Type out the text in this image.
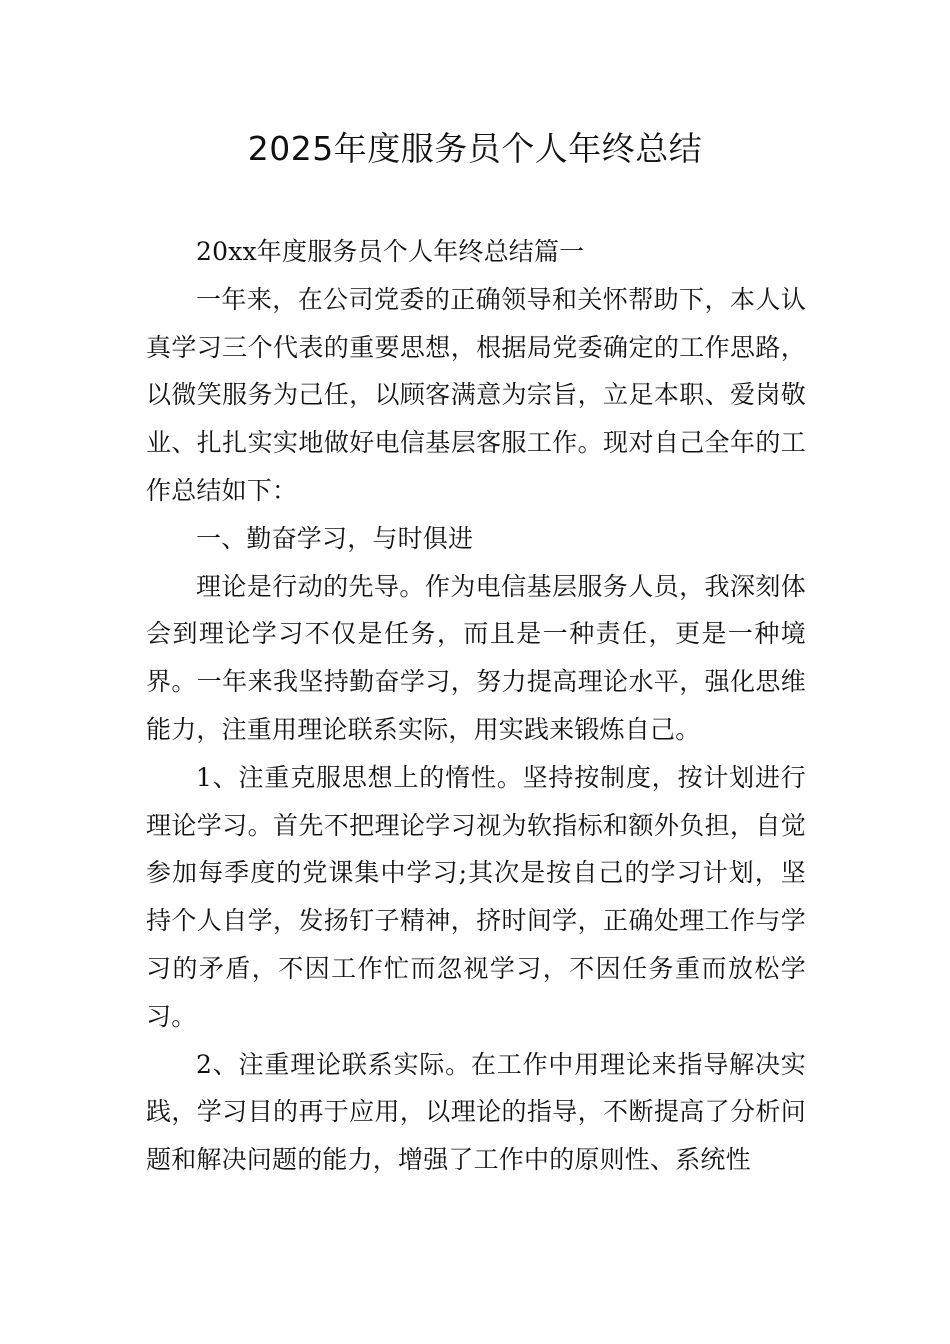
2025年度服务员个人年终总结

20xx年度服务员个人年终总结篇一

一年来，在公司党委的正确领导和关怀帮助下，本人认真学习三个代表的重要思想，根据局党委确定的工作思路，以微笑服务为己任，以顾客满意为宗旨，立足本职、爱岗敬业、扎扎实实地做好电信基层客服工作。现对自己全年的工作总结如下：

一、勤奋学习，与时俱进

理论是行动的先导。作为电信基层服务人员，我深刻体会到理论学习不仅是任务，而且是一种责任，更是一种境界。一年来我坚持勤奋学习，努力提高理论水平，强化思维能力，注重用理论联系实际，用实践来锻炼自己。

1、注重克服思想上的惰性。坚持按制度，按计划进行理论学习。首先不把理论学习视为软指标和额外负担，自觉参加每季度的党课集中学习;其次是按自己的学习计划，坚持个人自学，发扬钉子精神，挤时间学，正确处理工作与学习的矛盾，不因工作忙而忽视学习，不因任务重而放松学习。

2、注重理论联系实际。在工作中用理论来指导解决实践，学习目的再于应用，以理论的指导，不断提高了分析问题和解决问题的能力，增强了工作中的原则性、系统性
